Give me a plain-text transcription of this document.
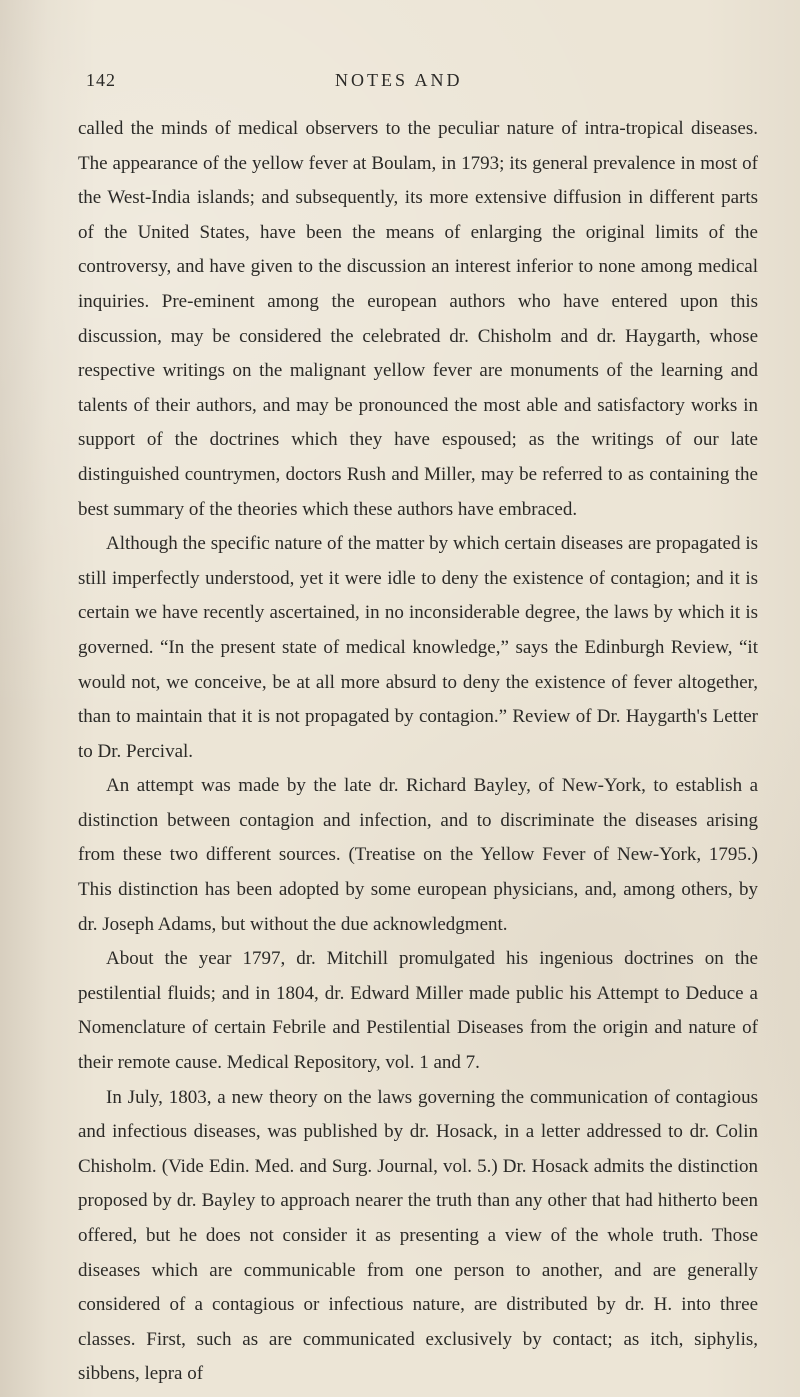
142	NOTES AND

called the minds of medical observers to the peculiar nature of intra-tropical diseases. The appearance of the yellow fever at Boulam, in 1793; its general prevalence in most of the West-India islands; and subsequently, its more extensive diffusion in different parts of the United States, have been the means of enlarging the original limits of the controversy, and have given to the discussion an interest inferior to none among medical inquiries. Pre-eminent among the european authors who have entered upon this discussion, may be considered the celebrated dr. Chisholm and dr. Haygarth, whose respective writings on the malignant yellow fever are monuments of the learning and talents of their authors, and may be pronounced the most able and satisfactory works in support of the doctrines which they have espoused; as the writings of our late distinguished countrymen, doctors Rush and Miller, may be referred to as containing the best summary of the theories which these authors have embraced.

Although the specific nature of the matter by which certain diseases are propagated is still imperfectly understood, yet it were idle to deny the existence of contagion; and it is certain we have recently ascertained, in no inconsiderable degree, the laws by which it is governed. “In the present state of medical knowledge,” says the Edinburgh Review, “it would not, we conceive, be at all more absurd to deny the existence of fever altogether, than to maintain that it is not propagated by contagion.” Review of Dr. Haygarth's Letter to Dr. Percival.

An attempt was made by the late dr. Richard Bayley, of New-York, to establish a distinction between contagion and infection, and to discriminate the diseases arising from these two different sources. (Treatise on the Yellow Fever of New-York, 1795.) This distinction has been adopted by some european physicians, and, among others, by dr. Joseph Adams, but without the due acknowledgment.

About the year 1797, dr. Mitchill promulgated his ingenious doctrines on the pestilential fluids; and in 1804, dr. Edward Miller made public his Attempt to Deduce a Nomenclature of certain Febrile and Pestilential Diseases from the origin and nature of their remote cause. Medical Repository, vol. 1 and 7.

In July, 1803, a new theory on the laws governing the communication of contagious and infectious diseases, was published by dr. Hosack, in a letter addressed to dr. Colin Chisholm. (Vide Edin. Med. and Surg. Journal, vol. 5.) Dr. Hosack admits the distinction proposed by dr. Bayley to approach nearer the truth than any other that had hitherto been offered, but he does not consider it as presenting a view of the whole truth. Those diseases which are communicable from one person to another, and are generally considered of a contagious or infectious nature, are distributed by dr. H. into three classes. First, such as are communicated exclusively by contact; as itch, siphylis, sibbens, lepra of
